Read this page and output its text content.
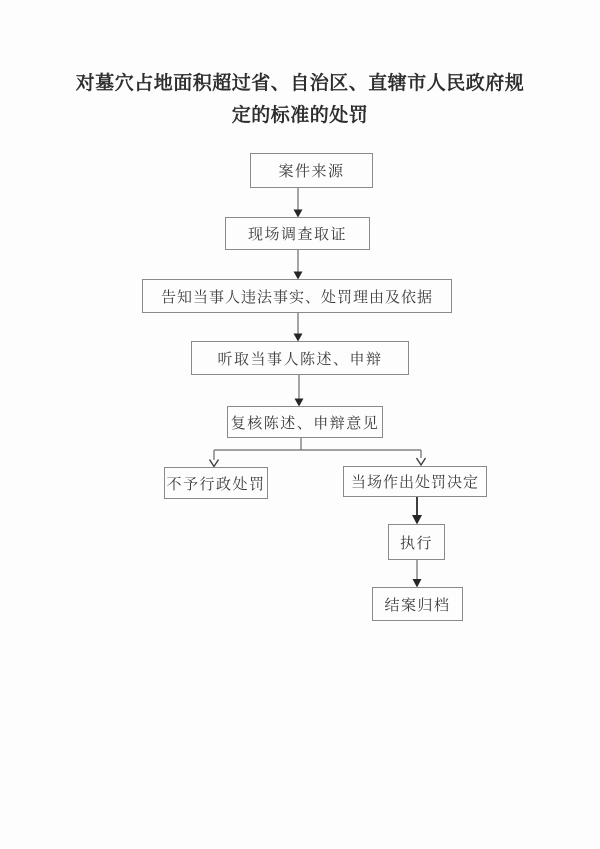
对墓穴占地面积超过省、自治区、直辖市人民政府规
定的标准的处罚
案件来源
现场调查取证
告知当事人违法事实、处罚理由及依据
听取当事人陈述、申辩
复核陈述、申辩意见
不予行政处罚	当场作出处罚决定
执行
结案归档
